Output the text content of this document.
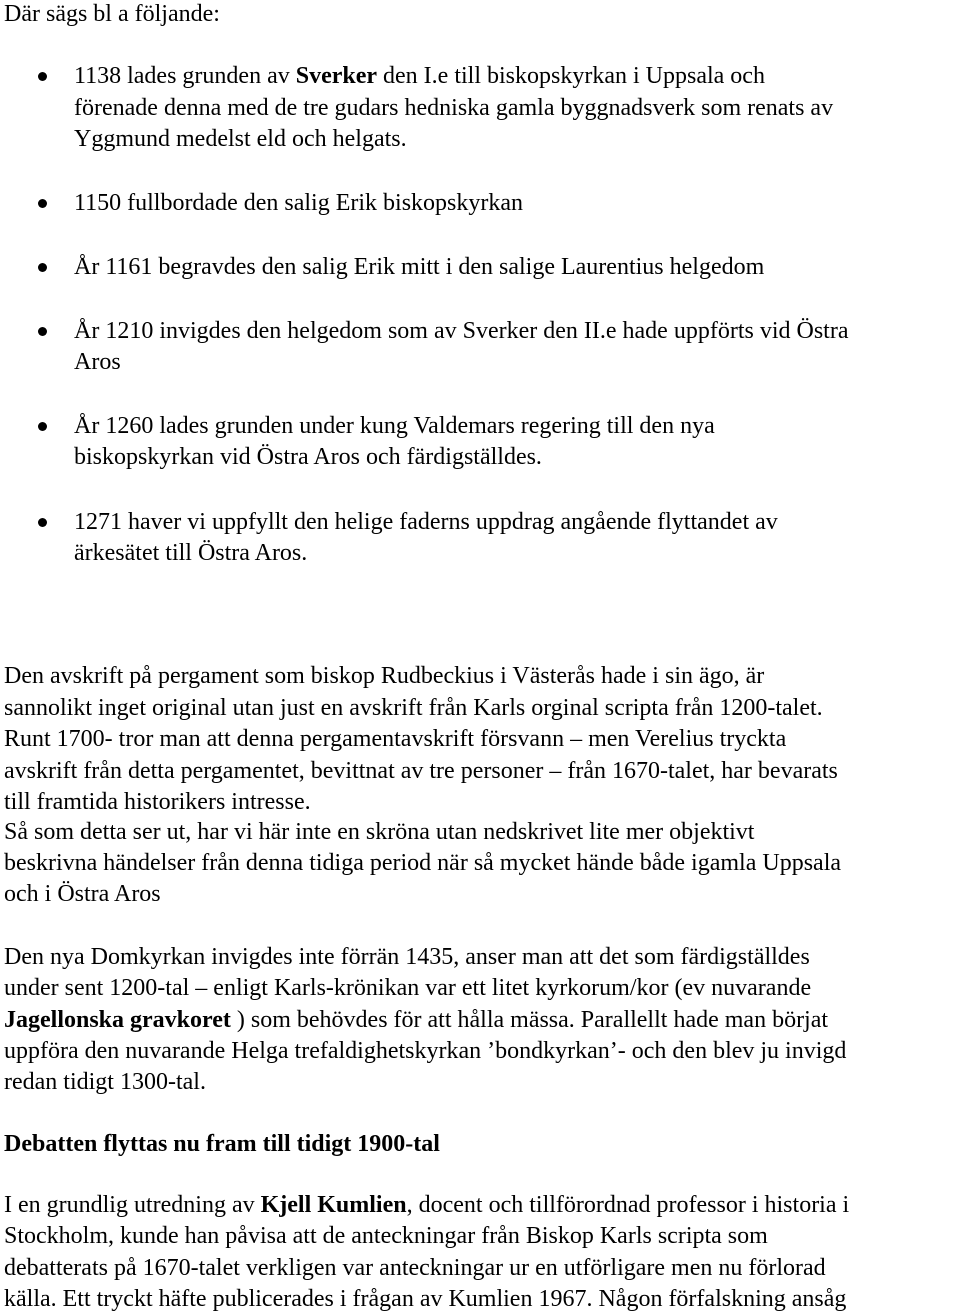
Där sägs bl a följande:
1138 lades grunden av Sverker den I.e till biskopskyrkan i Uppsala och
förenade denna med de tre gudars hedniska gamla byggnadsverk som renats av
Yggmund medelst eld och helgats.
1150 fullbordade den salig Erik biskopskyrkan
År 1161 begravdes den salig Erik mitt i den salige Laurentius helgedom
År 1210 invigdes den helgedom som av Sverker den II.e hade uppförts vid Östra
Aros
År 1260 lades grunden under kung Valdemars regering till den nya
biskopskyrkan vid Östra Aros och färdigställdes.
1271 haver vi uppfyllt den helige faderns uppdrag angående flyttandet av
ärkesätet till Östra Aros.
Den avskrift på pergament som biskop Rudbeckius i Västerås hade i sin ägo, är
sannolikt inget original utan just en avskrift från Karls orginal scripta från 1200-talet.
Runt 1700- tror man att denna pergamentavskrift försvann – men Verelius tryckta
avskrift från detta pergamentet, bevittnat av tre personer – från 1670-talet, har bevarats
till framtida historikers intresse.
Så som detta ser ut, har vi här inte en skröna utan nedskrivet lite mer objektivt
beskrivna händelser från denna tidiga period när så mycket hände både igamla Uppsala
och i Östra Aros
Den nya Domkyrkan invigdes inte förrän 1435, anser man att det som färdigställdes
under sent 1200-tal – enligt Karls-krönikan var ett litet kyrkorum/kor (ev nuvarande
Jagellonska gravkoret ) som behövdes för att hålla mässa. Parallellt hade man börjat
uppföra den nuvarande Helga trefaldighetskyrkan ’bondkyrkan’- och den blev ju invigd
redan tidigt 1300-tal.
Debatten flyttas nu fram till tidigt 1900-tal
I en grundlig utredning av Kjell Kumlien, docent och tillförordnad professor i historia i
Stockholm, kunde han påvisa att de anteckningar från Biskop Karls scripta som
debatterats på 1670-talet verkligen var anteckningar ur en utförligare men nu förlorad
källa. Ett tryckt häfte publicerades i frågan av Kumlien 1967. Någon förfalskning ansåg
